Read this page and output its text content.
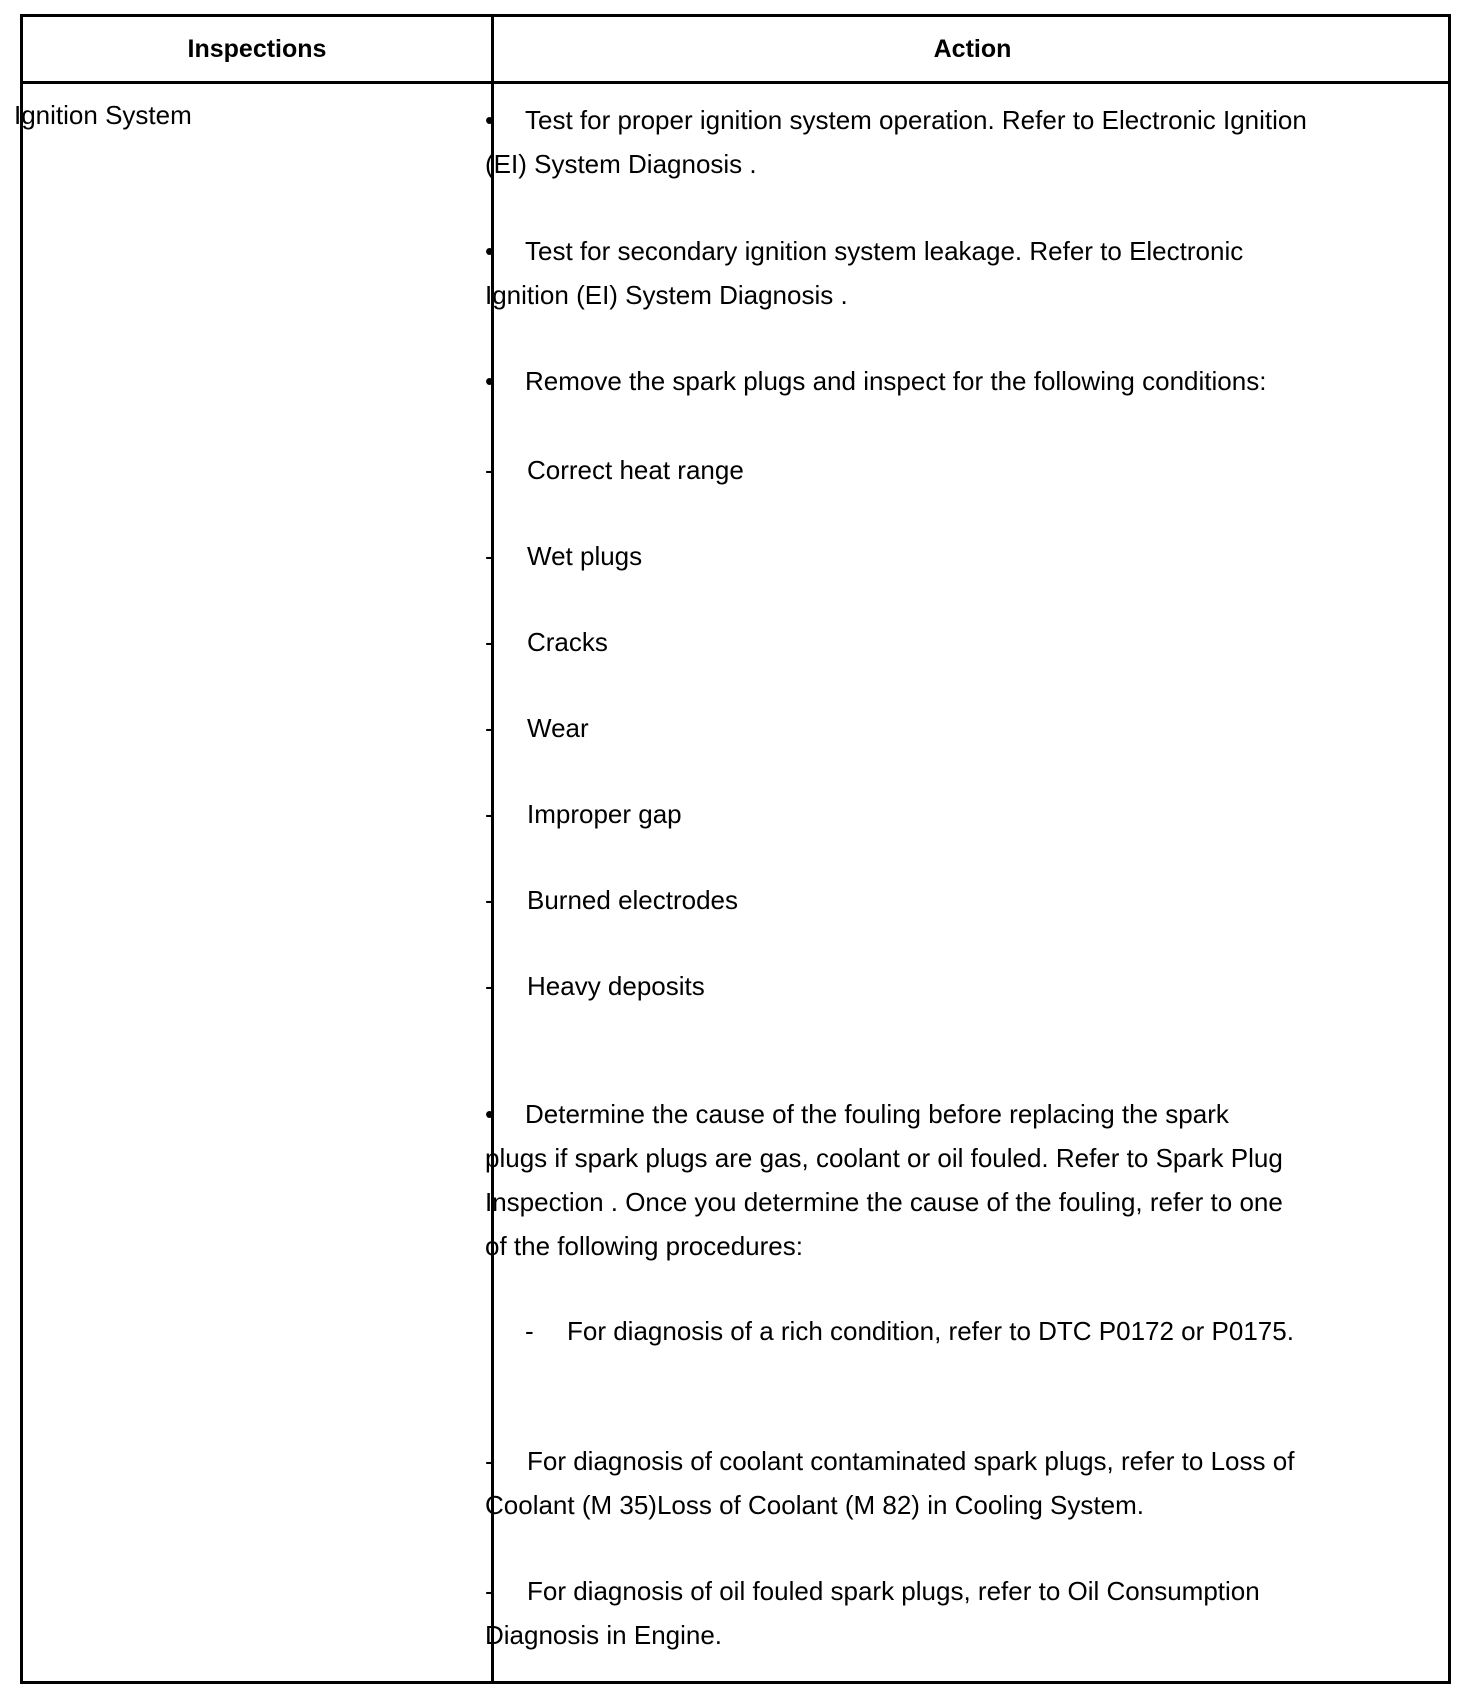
Inspections	Action
Ignition System	• Test for proper ignition system operation. Refer to Electronic Ignition
(EI) System Diagnosis .
• Test for secondary ignition system leakage. Refer to Electronic
Ignition (EI) System Diagnosis .
• Remove the spark plugs and inspect for the following conditions:
- Correct heat range
- Wet plugs
- Cracks
- Wear
- Improper gap
- Burned electrodes
- Heavy deposits
• Determine the cause of the fouling before replacing the spark
plugs if spark plugs are gas, coolant or oil fouled. Refer to Spark Plug
Inspection . Once you determine the cause of the fouling, refer to one
of the following procedures:
- For diagnosis of a rich condition, refer to DTC P0172 or P0175.
- For diagnosis of coolant contaminated spark plugs, refer to Loss of
Coolant (M 35)Loss of Coolant (M 82) in Cooling System.
- For diagnosis of oil fouled spark plugs, refer to Oil Consumption
Diagnosis in Engine.
